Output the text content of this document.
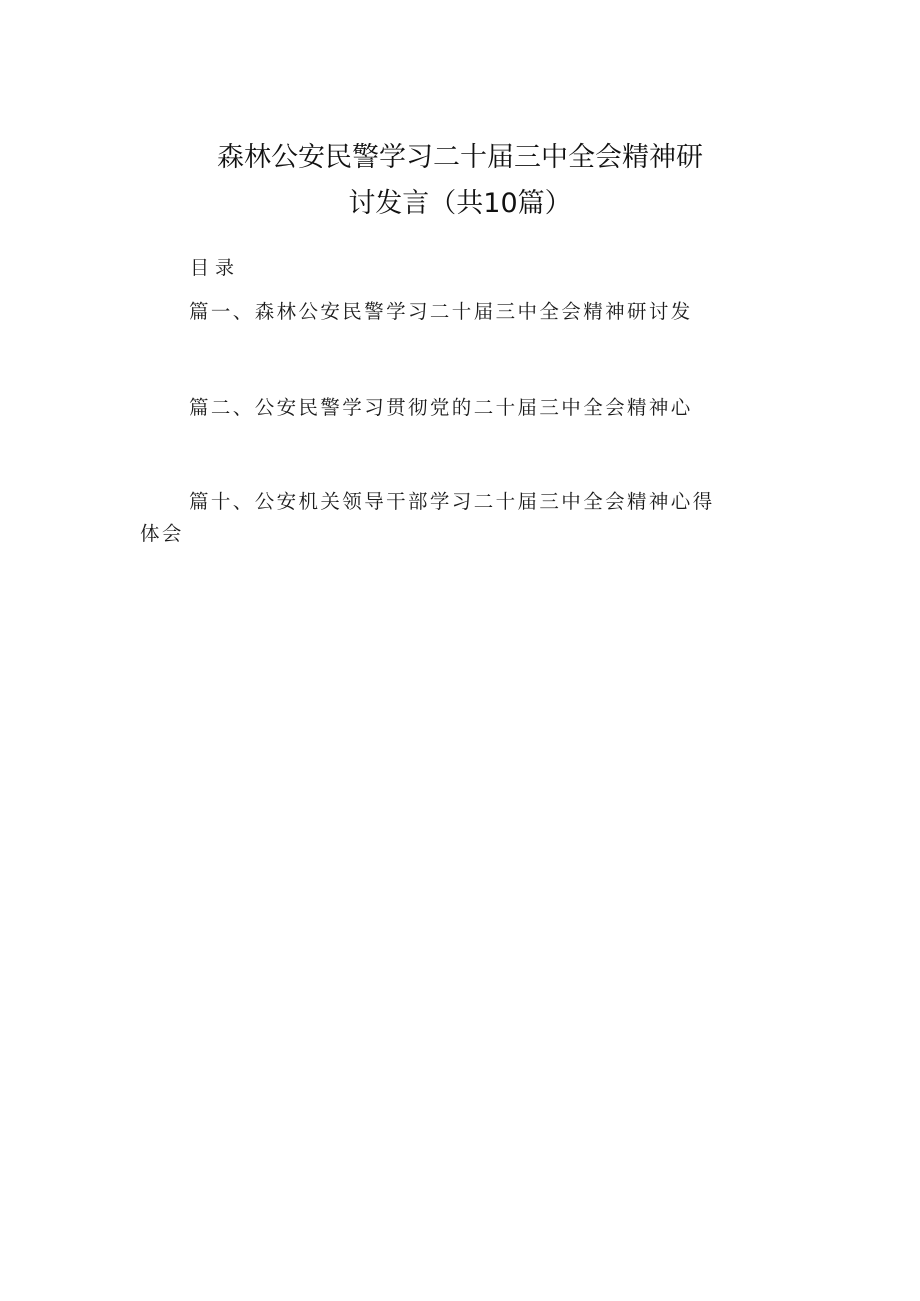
森林公安民警学习二十届三中全会精神研
讨发言（共10篇）
目录
篇一、森林公安民警学习二十届三中全会精神研讨发
篇二、公安民警学习贯彻党的二十届三中全会精神心
篇十、公安机关领导干部学习二十届三中全会精神心得体会
